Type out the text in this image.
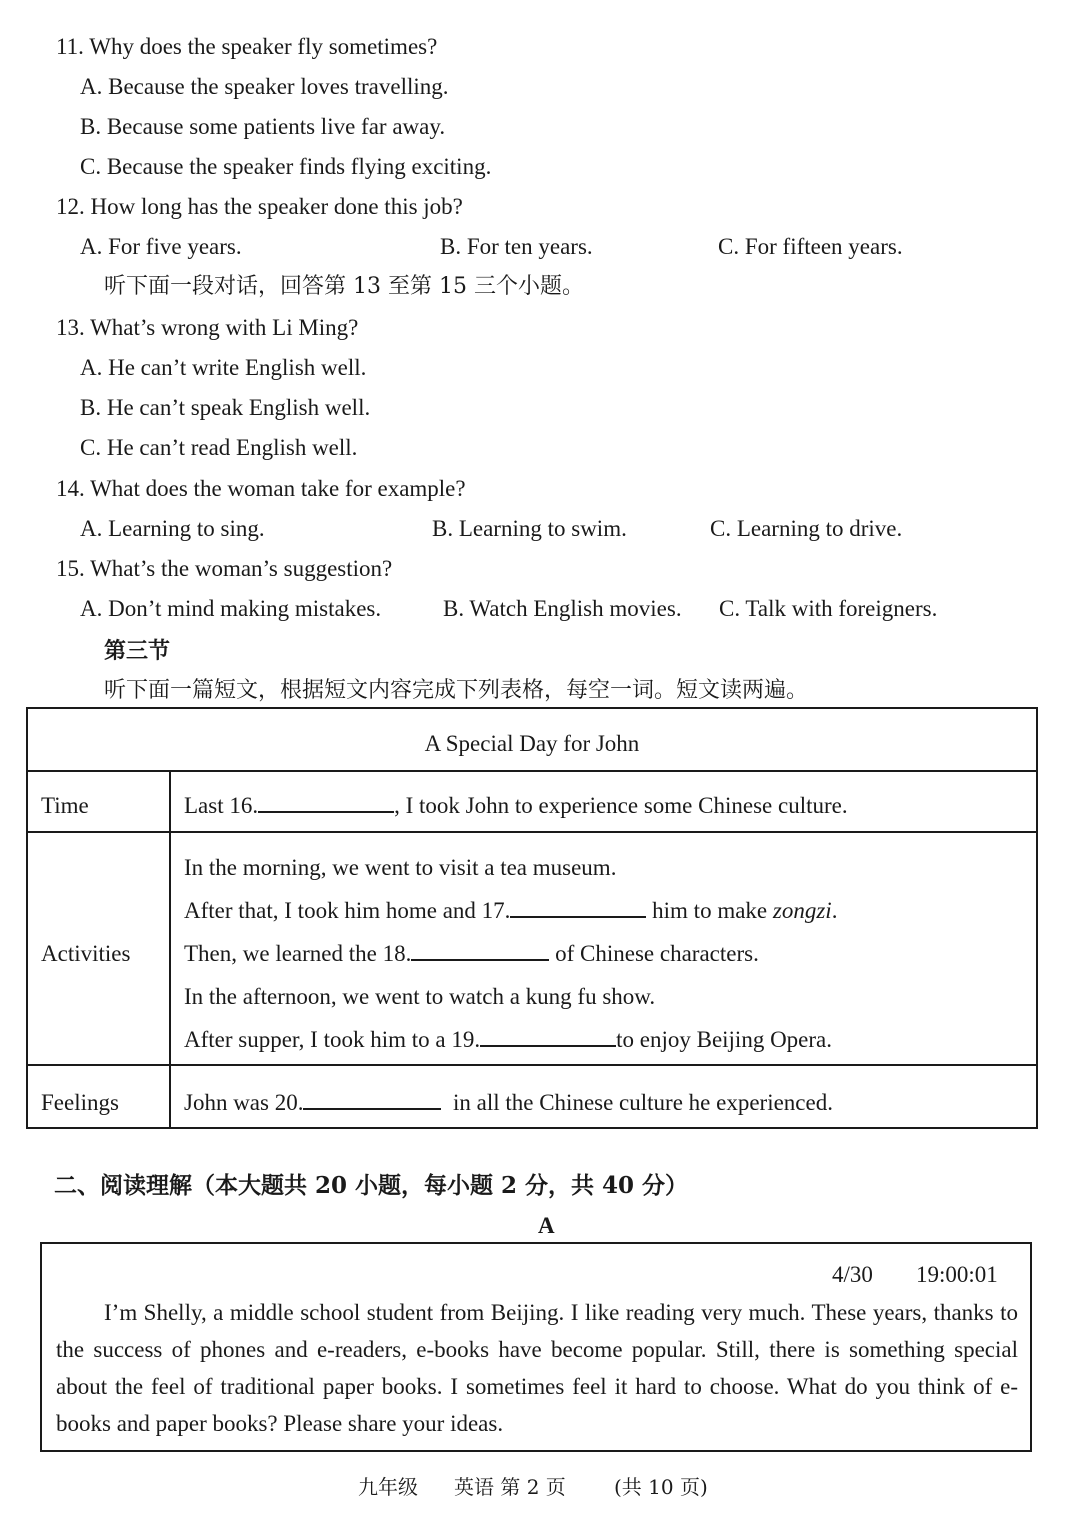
11. Why does the speaker fly sometimes?
A. Because the speaker loves travelling.
B. Because some patients live far away.
C. Because the speaker finds flying exciting.
12. How long has the speaker done this job?
A. For five years.	B. For ten years.	C. For fifteen years.
听下面一段对话，回答第 13 至第 15 三个小题。
13. What’s wrong with Li Ming?
A. He can’t write English well.
B. He can’t speak English well.
C. He can’t read English well.
14. What does the woman take for example?
A. Learning to sing.	B. Learning to swim.	C. Learning to drive.
15. What’s the woman’s suggestion?
A. Don’t mind making mistakes.	B. Watch English movies. C. Talk with foreigners.
第三节
听下面一篇短文，根据短文内容完成下列表格，每空一词。短文读两遍。
A Special Day for John
Time	Last 16.	, I took John to experience some Chinese culture.
Activities
In the morning, we went to visit a tea museum.
After that, I took him home and 17.	him to make zongzi.
Then, we learned the 18.	of Chinese characters.
In the afternoon, we went to watch a kung fu show.
After supper, I took him to a 19.	to enjoy Beijing Opera.
Feelings	John was 20.	in all the Chinese culture he experienced.
二、阅读理解（本大题共 20 小题，每小题 2 分，共 40 分）
A
4/30 19:00:01
I’m Shelly, a middle school student from Beijing. I like reading very much. These years, thanks to the success of phones and e-readers, e-books have become popular. Still, there is something special about the feel of traditional paper books. I sometimes feel it hard to choose. What do you think of e-books and paper books? Please share your ideas.
九年级 英语 第 2 页 (共 10 页)
